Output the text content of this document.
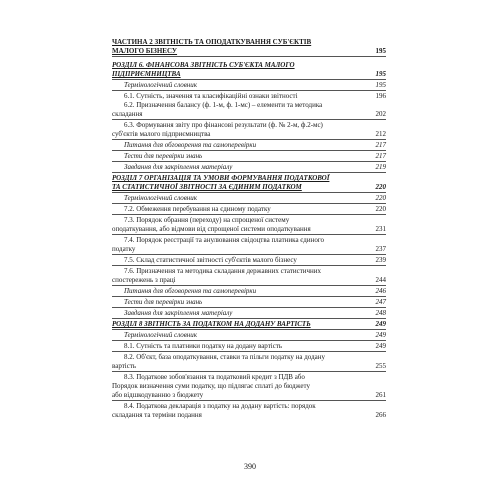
ЧАСТИНА 2 ЗВІТНІСТЬ ТА ОПОДАТКУВАННЯ СУБ'ЄКТІВ
МАЛОГО БІЗНЕСУ	195
РОЗДІЛ 6. ФІНАНСОВА ЗВІТНІСТЬ СУБ'ЄКТА МАЛОГО
ПІДПРИЄМНИЦТВА	195
Термінологічний словник	195
6.1. Сутність, значення та класифікаційні ознаки звітності	196
6.2. Призначення балансу (ф. 1-м, ф. 1-мс) – елементи та методика
складання	202
6.3. Формування звіту про фінансові результати (ф. № 2-м, ф.2-мс)
суб'єктів малого підприємництва	212
Питання для обговорення та самоперевірки	217
Тести для перевірки знань	217
Завдання для закріплення матеріалу	219
РОЗДІЛ 7 ОРГАНІЗАЦІЯ ТА УМОВИ ФОРМУВАННЯ ПОДАТКОВОЇ
ТА СТАТИСТИЧНОЇ ЗВІТНОСТІ ЗА ЄДИНИМ ПОДАТКОМ	220
Термінологічний словник	220
7.2. Обмеження перебування на єдиному податку	220
7.3. Порядок обрання (переходу) на спрощеної систему
оподаткування, або відмови від спрощеної системи оподаткування	231
7.4. Порядок реєстрації та анулювання свідоцтва платника єдиного
податку	237
7.5. Склад статистичної звітності суб'єктів малого бізнесу	239
7.6. Призначення та методика складання державних статистичних
спостережень з праці	244
Питання для обговорення та самоперевірки	246
Тести для перевірки знань	247
Завдання для закріплення матеріалу	248
РОЗДІЛ 8 ЗВІТНІСТЬ ЗА ПОДАТКОМ НА ДОДАНУ ВАРТІСТЬ	249
Термінологічний словник	249
8.1. Сутність та платники податку на додану вартість	249
8.2. Об'єкт, база оподаткування, ставки та пільги податку на додану
вартість	255
8.3. Податкове зобов'язання та податковий кредит з ПДВ або
Порядок визначення суми податку, що підлягає сплаті до бюджету
або відшкодуванню з бюджету	261
8.4. Податкова декларація з податку на додану вартість: порядок
складання та терміни подання	266
390
